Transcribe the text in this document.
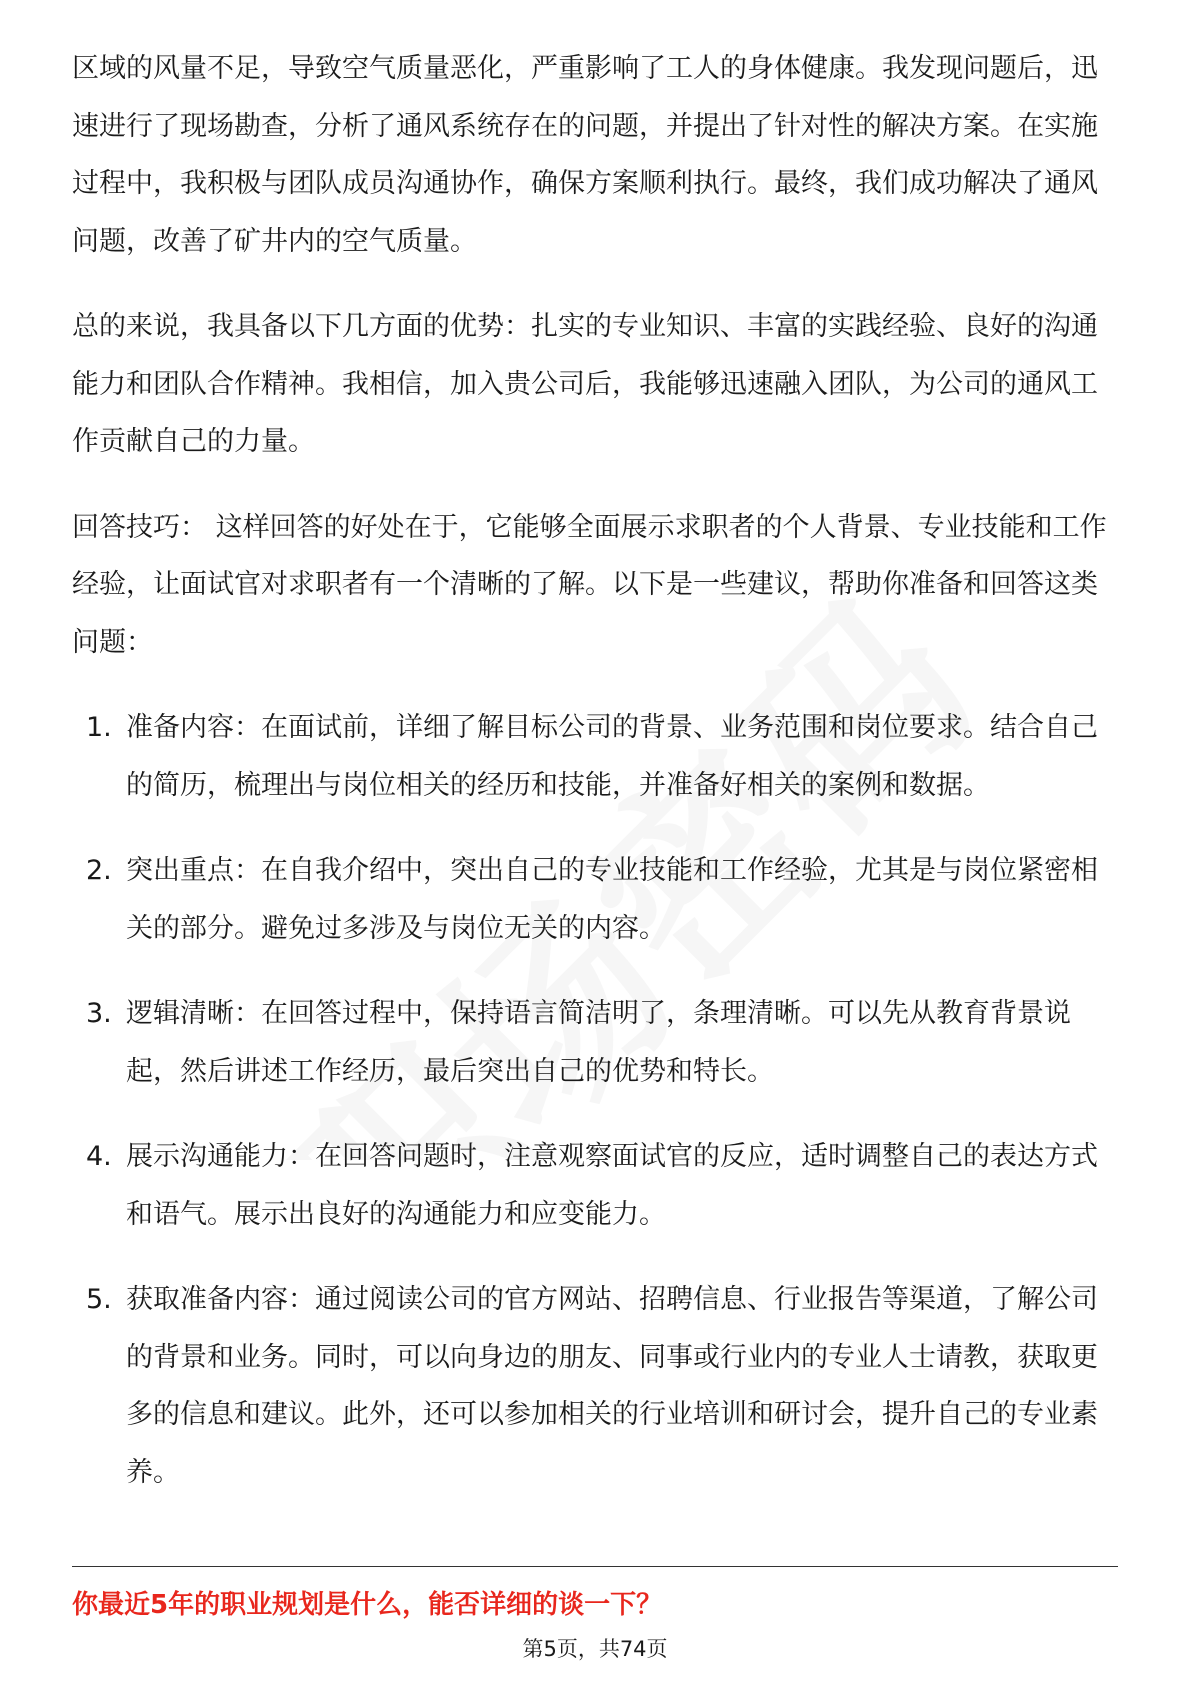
区域的风量不足，导致空气质量恶化，严重影响了工人的身体健康。我发现问题后，迅速进行了现场勘查，分析了通风系统存在的问题，并提出了针对性的解决方案。在实施过程中，我积极与团队成员沟通协作，确保方案顺利执行。最终，我们成功解决了通风问题，改善了矿井内的空气质量。

总的来说，我具备以下几方面的优势：扎实的专业知识、丰富的实践经验、良好的沟通能力和团队合作精神。我相信，加入贵公司后，我能够迅速融入团队，为公司的通风工作贡献自己的力量。

回答技巧： 这样回答的好处在于，它能够全面展示求职者的个人背景、专业技能和工作经验，让面试官对求职者有一个清晰的了解。以下是一些建议，帮助你准备和回答这类问题：

1. 准备内容：在面试前，详细了解目标公司的背景、业务范围和岗位要求。结合自己的简历，梳理出与岗位相关的经历和技能，并准备好相关的案例和数据。
2. 突出重点：在自我介绍中，突出自己的专业技能和工作经验，尤其是与岗位紧密相关的部分。避免过多涉及与岗位无关的内容。
3. 逻辑清晰：在回答过程中，保持语言简洁明了，条理清晰。可以先从教育背景说起，然后讲述工作经历，最后突出自己的优势和特长。
4. 展示沟通能力：在回答问题时，注意观察面试官的反应，适时调整自己的表达方式和语气。展示出良好的沟通能力和应变能力。
5. 获取准备内容：通过阅读公司的官方网站、招聘信息、行业报告等渠道，了解公司的背景和业务。同时，可以向身边的朋友、同事或行业内的专业人士请教，获取更多的信息和建议。此外，还可以参加相关的行业培训和研讨会，提升自己的专业素养。
你最近5年的职业规划是什么，能否详细的谈一下？
第5页，共74页
